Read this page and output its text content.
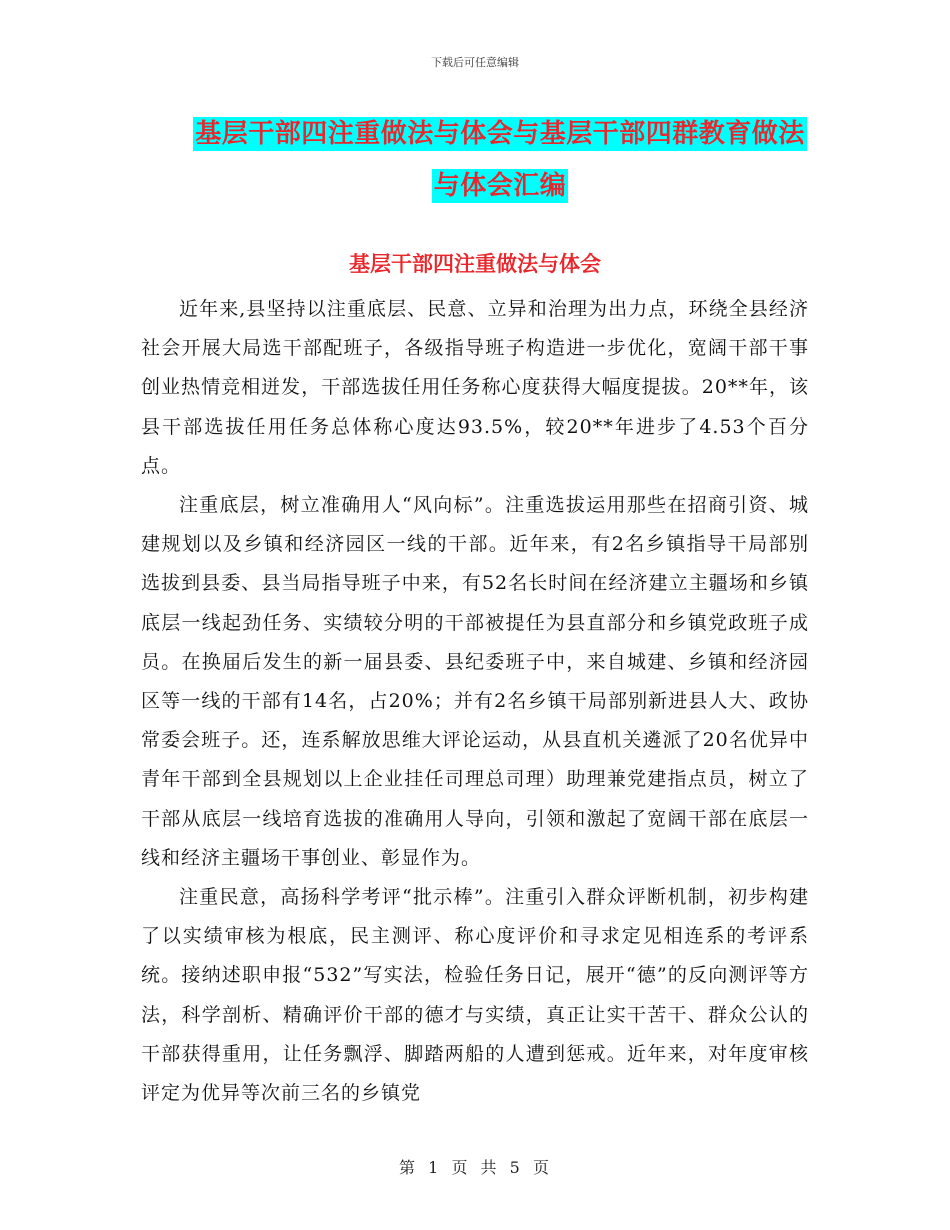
下载后可任意编辑
基层干部四注重做法与体会与基层干部四群教育做法
与体会汇编
基层干部四注重做法与体会

近年来,县坚持以注重底层、民意、立异和治理为出力点，环绕全县经济社会开展大局选干部配班子，各级指导班子构造进一步优化，宽阔干部干事创业热情竞相迸发，干部选拔任用任务称心度获得大幅度提拔。20**年，该县干部选拔任用任务总体称心度达93.5%，较20**年进步了4.53个百分点。

注重底层，树立准确用人“风向标”。注重选拔运用那些在招商引资、城建规划以及乡镇和经济园区一线的干部。近年来，有2名乡镇指导干局部别选拔到县委、县当局指导班子中来，有52名长时间在经济建立主疆场和乡镇底层一线起劲任务、实绩较分明的干部被提任为县直部分和乡镇党政班子成员。在换届后发生的新一届县委、县纪委班子中，来自城建、乡镇和经济园区等一线的干部有14名，占20%；并有2名乡镇干局部别新进县人大、政协常委会班子。还，连系解放思维大评论运动，从县直机关遴派了20名优异中青年干部到全县规划以上企业挂任司理总司理）助理兼党建指点员，树立了干部从底层一线培育选拔的准确用人导向，引领和激起了宽阔干部在底层一线和经济主疆场干事创业、彰显作为。

注重民意，高扬科学考评“批示棒”。注重引入群众评断机制，初步构建了以实绩审核为根底，民主测评、称心度评价和寻求定见相连系的考评系统。接纳述职申报“532”写实法，检验任务日记，展开“德”的反向测评等方法，科学剖析、精确评价干部的德才与实绩，真正让实干苦干、群众公认的干部获得重用，让任务飘浮、脚踏两船的人遭到惩戒。近年来，对年度审核评定为优异等次前三名的乡镇党

第 1 页 共 5 页
